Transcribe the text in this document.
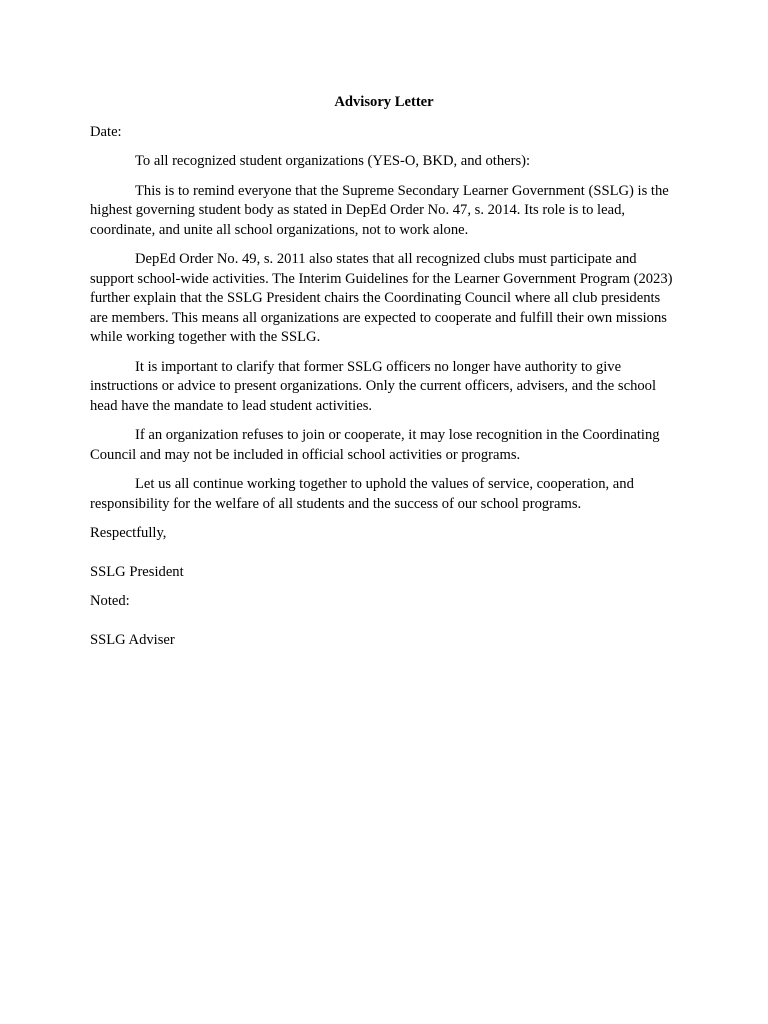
Advisory Letter

Date:

To all recognized student organizations (YES-O, BKD, and others):

This is to remind everyone that the Supreme Secondary Learner Government (SSLG) is the highest governing student body as stated in DepEd Order No. 47, s. 2014. Its role is to lead, coordinate, and unite all school organizations, not to work alone.

DepEd Order No. 49, s. 2011 also states that all recognized clubs must participate and support school-wide activities. The Interim Guidelines for the Learner Government Program (2023) further explain that the SSLG President chairs the Coordinating Council where all club presidents are members. This means all organizations are expected to cooperate and fulfill their own missions while working together with the SSLG.

It is important to clarify that former SSLG officers no longer have authority to give instructions or advice to present organizations. Only the current officers, advisers, and the school head have the mandate to lead student activities.

If an organization refuses to join or cooperate, it may lose recognition in the Coordinating Council and may not be included in official school activities or programs.

Let us all continue working together to uphold the values of service, cooperation, and responsibility for the welfare of all students and the success of our school programs.

Respectfully,

SSLG President

Noted:

SSLG Adviser
